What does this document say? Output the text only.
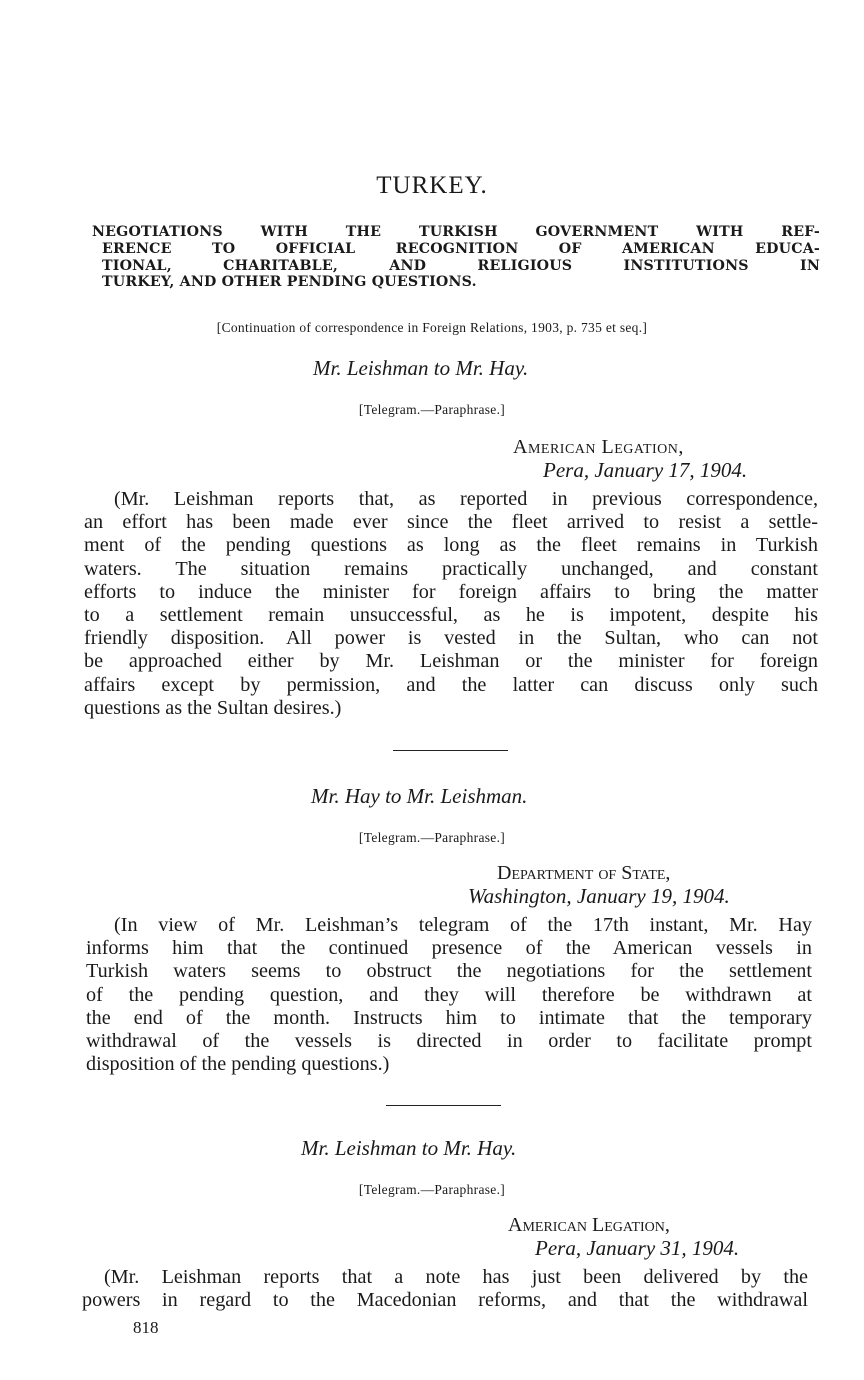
TURKEY.
NEGOTIATIONS WITH THE TURKISH GOVERNMENT WITH REF-
ERENCE TO OFFICIAL RECOGNITION OF AMERICAN EDUCA-
TIONAL, CHARITABLE, AND RELIGIOUS INSTITUTIONS IN
TURKEY, AND OTHER PENDING QUESTIONS.
[Continuation of correspondence in Foreign Relations, 1903, p. 735 et seq.]
Mr. Leishman to Mr. Hay.
[Telegram.—Paraphrase.]
American Legation,
Pera, January 17, 1904.
(Mr. Leishman reports that, as reported in previous correspondence,
an effort has been made ever since the fleet arrived to resist a settle-
ment of the pending questions as long as the fleet remains in Turkish
waters. The situation remains practically unchanged, and constant
efforts to induce the minister for foreign affairs to bring the matter
to a settlement remain unsuccessful, as he is impotent, despite his
friendly disposition. All power is vested in the Sultan, who can not
be approached either by Mr. Leishman or the minister for foreign
affairs except by permission, and the latter can discuss only such
questions as the Sultan desires.)
Mr. Hay to Mr. Leishman.
[Telegram.—Paraphrase.]
Department of State,
Washington, January 19, 1904.
(In view of Mr. Leishman’s telegram of the 17th instant, Mr. Hay
informs him that the continued presence of the American vessels in
Turkish waters seems to obstruct the negotiations for the settlement
of the pending question, and they will therefore be withdrawn at
the end of the month. Instructs him to intimate that the temporary
withdrawal of the vessels is directed in order to facilitate prompt
disposition of the pending questions.)
Mr. Leishman to Mr. Hay.
[Telegram.—Paraphrase.]
American Legation,
Pera, January 31, 1904.
(Mr. Leishman reports that a note has just been delivered by the
powers in regard to the Macedonian reforms, and that the withdrawal
818
